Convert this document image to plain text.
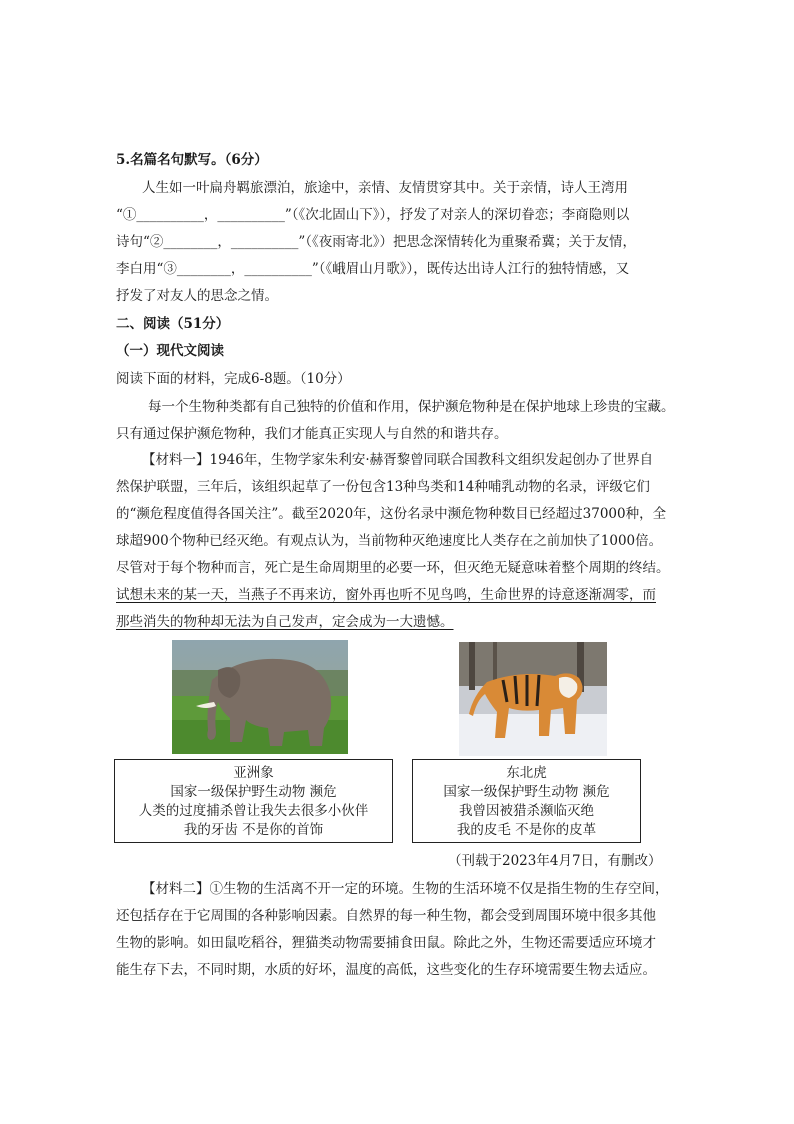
5.名篇名句默写。（6分）
人生如一叶扁舟羁旅漂泊，旅途中，亲情、友情贯穿其中。关于亲情，诗人王湾用
“①__________，__________”（《次北固山下》），抒发了对亲人的深切眷恋；李商隐则以
诗句“②________，__________”（《夜雨寄北》）把思念深情转化为重聚希冀；关于友情，
李白用“③________，__________”（《峨眉山月歌》），既传达出诗人江行的独特情感，又
抒发了对友人的思念之情。
二、阅读（51分）
（一）现代文阅读
阅读下面的材料，完成6-8题。（10分）
每一个生物种类都有自己独特的价值和作用，保护濒危物种是在保护地球上珍贵的宝藏。
只有通过保护濒危物种，我们才能真正实现人与自然的和谐共存。
【材料一】1946年，生物学家朱利安·赫胥黎曾同联合国教科文组织发起创办了世界自
然保护联盟，三年后，该组织起草了一份包含13种鸟类和14种哺乳动物的名录，评级它们
的“濒危程度值得各国关注”。截至2020年，这份名录中濒危物种数目已经超过37000种，全
球超900个物种已经灭绝。有观点认为，当前物种灭绝速度比人类存在之前加快了1000倍。
尽管对于每个物种而言，死亡是生命周期里的必要一环，但灭绝无疑意味着整个周期的终结。
试想未来的某一天，当燕子不再来访，窗外再也听不见鸟鸣，生命世界的诗意逐渐凋零，而
那些消失的物种却无法为自己发声，定会成为一大遗憾。
亚洲象
国家一级保护野生动物 濒危
人类的过度捕杀曾让我失去很多小伙伴
我的牙齿 不是你的首饰
东北虎
国家一级保护野生动物 濒危
我曾因被猎杀濒临灭绝
我的皮毛 不是你的皮革
（刊载于2023年4月7日，有删改）
【材料二】①生物的生活离不开一定的环境。生物的生活环境不仅是指生物的生存空间，
还包括存在于它周围的各种影响因素。自然界的每一种生物，都会受到周围环境中很多其他
生物的影响。如田鼠吃稻谷，狸猫类动物需要捕食田鼠。除此之外，生物还需要适应环境才
能生存下去，不同时期，水质的好坏，温度的高低，这些变化的生存环境需要生物去适应。
